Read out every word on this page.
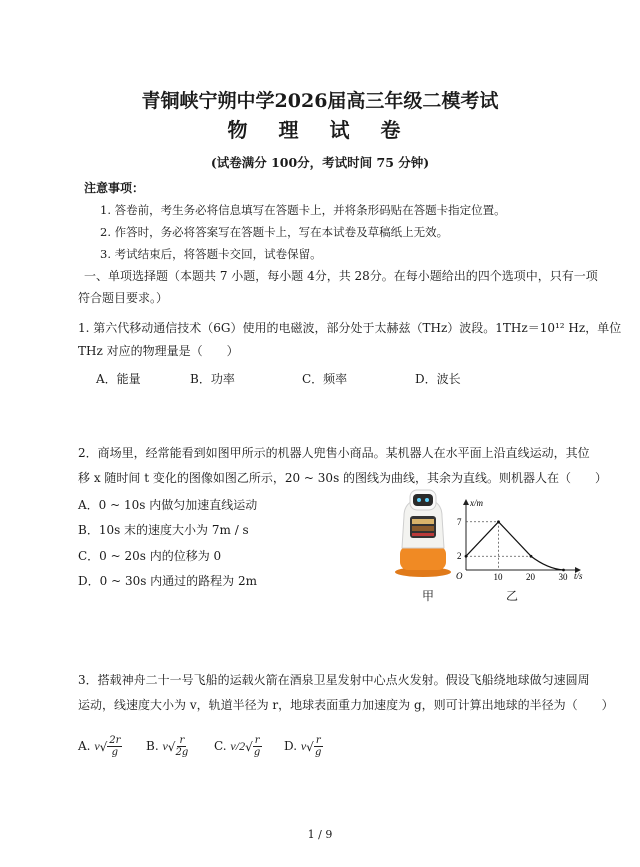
青铜峡宁朔中学2026届高三年级二模考试
物 理 试 卷
(试卷满分 100分，考试时间 75 分钟)
注意事项：
1. 答卷前，考生务必将信息填写在答题卡上，并将条形码贴在答题卡指定位置。
2. 作答时，务必将答案写在答题卡上，写在本试卷及草稿纸上无效。
3. 考试结束后，将答题卡交回，试卷保留。
一、单项选择题（本题共 7 小题，每小题 4分，共 28分。在每小题给出的四个选项中，只有一项
符合题目要求。）
1. 第六代移动通信技术（6G）使用的电磁波，部分处于太赫兹（THz）波段。1THz＝10¹² Hz，单位
THz 对应的物理量是（　　）
A．能量	B．功率	C．频率	D．波长
2．商场里，经常能看到如图甲所示的机器人兜售小商品。某机器人在水平面上沿直线运动，其位
移 x 随时间 t 变化的图像如图乙所示，20 ~ 30s 的图线为曲线，其余为直线。则机器人在（　　）
A．0 ~ 10s 内做匀加速直线运动
B．10s 末的速度大小为 7m / s
C．0 ~ 20s 内的位移为 0
D．0 ~ 30s 内通过的路程为 2m
甲	乙
x/m
t/s
O	10	20	30
2
7
3．搭载神舟二十一号飞船的运载火箭在酒泉卫星发射中心点火发射。假设飞船绕地球做匀速圆周
运动，线速度大小为 v，轨道半径为 r，地球表面重力加速度为 g，则可计算出地球的半径为（　　）
A. $v√ \frac{2r}{g} B$. $v√ \frac{r}{2g} C$. $v/2√ \frac{r}{g} D$. $v√ \frac{r}{g}$
1 / 9
